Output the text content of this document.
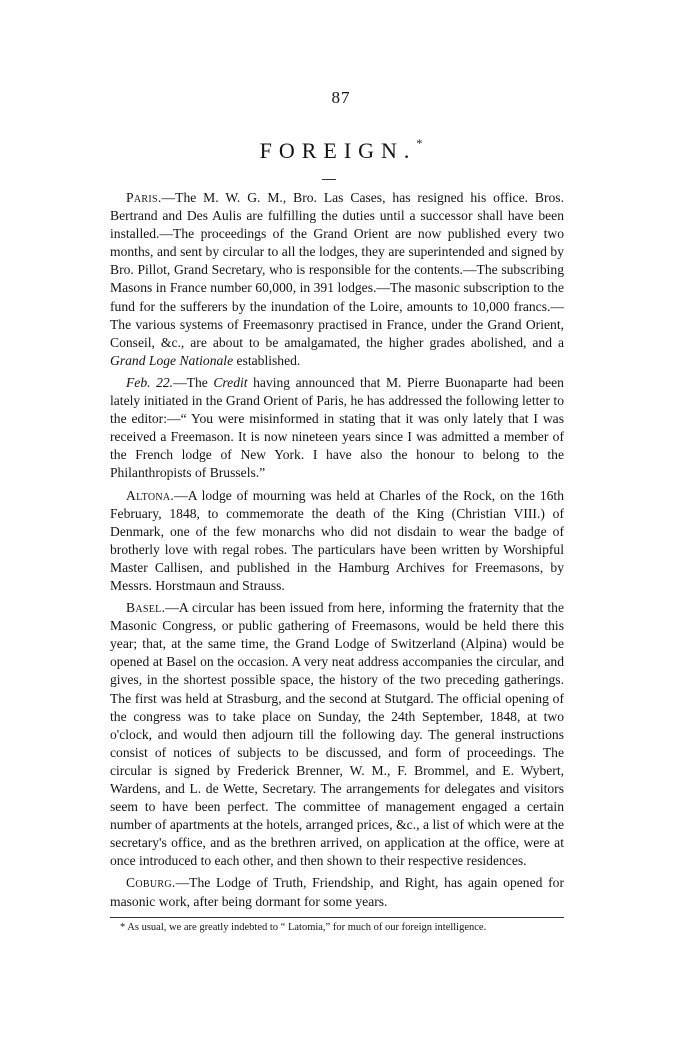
87
FOREIGN.*

Paris.—The M. W. G. M., Bro. Las Cases, has resigned his office. Bros. Bertrand and Des Aulis are fulfilling the duties until a successor shall have been installed.—The proceedings of the Grand Orient are now published every two months, and sent by circular to all the lodges, they are superintended and signed by Bro. Pillot, Grand Secretary, who is responsible for the contents.—The subscribing Masons in France number 60,000, in 391 lodges.—The masonic subscription to the fund for the sufferers by the inundation of the Loire, amounts to 10,000 francs.—The various systems of Freemasonry practised in France, under the Grand Orient, Conseil, &c., are about to be amalgamated, the higher grades abolished, and a Grand Loge Nationale established.

Feb. 22.—The Credit having announced that M. Pierre Buonaparte had been lately initiated in the Grand Orient of Paris, he has addressed the following letter to the editor:—“ You were misinformed in stating that it was only lately that I was received a Freemason. It is now nineteen years since I was admitted a member of the French lodge of New York. I have also the honour to belong to the Philanthropists of Brussels.”

Altona.—A lodge of mourning was held at Charles of the Rock, on the 16th February, 1848, to commemorate the death of the King (Christian VIII.) of Denmark, one of the few monarchs who did not disdain to wear the badge of brotherly love with regal robes. The particulars have been written by Worshipful Master Callisen, and published in the Hamburg Archives for Freemasons, by Messrs. Horstmaun and Strauss.

Basel.—A circular has been issued from here, informing the fraternity that the Masonic Congress, or public gathering of Freemasons, would be held there this year; that, at the same time, the Grand Lodge of Switzerland (Alpina) would be opened at Basel on the occasion. A very neat address accompanies the circular, and gives, in the shortest possible space, the history of the two preceding gatherings. The first was held at Strasburg, and the second at Stutgard. The official opening of the congress was to take place on Sunday, the 24th September, 1848, at two o'clock, and would then adjourn till the following day. The general instructions consist of notices of subjects to be discussed, and form of proceedings. The circular is signed by Frederick Brenner, W. M., F. Brommel, and E. Wybert, Wardens, and L. de Wette, Secretary. The arrangements for delegates and visitors seem to have been perfect. The committee of management engaged a certain number of apartments at the hotels, arranged prices, &c., a list of which were at the secretary's office, and as the brethren arrived, on application at the office, were at once introduced to each other, and then shown to their respective residences.

Coburg.—The Lodge of Truth, Friendship, and Right, has again opened for masonic work, after being dormant for some years.

* As usual, we are greatly indebted to “ Latomia,” for much of our foreign intelligence.
